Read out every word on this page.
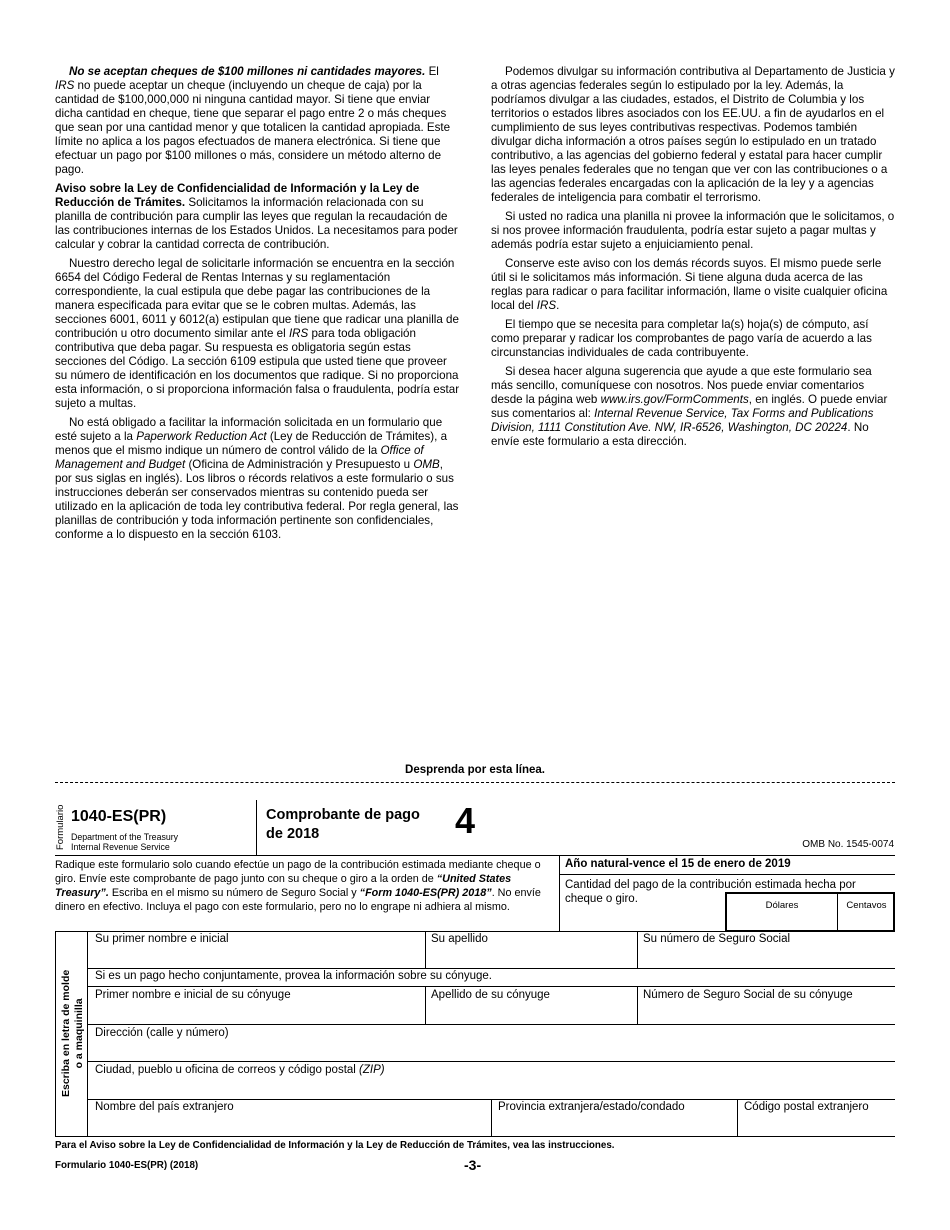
No se aceptan cheques de $100 millones ni cantidades mayores. El IRS no puede aceptar un cheque (incluyendo un cheque de caja) por la cantidad de $100,000,000 ni ninguna cantidad mayor. Si tiene que enviar dicha cantidad en cheque, tiene que separar el pago entre 2 o más cheques que sean por una cantidad menor y que totalicen la cantidad apropiada. Este límite no aplica a los pagos efectuados de manera electrónica. Si tiene que efectuar un pago por $100 millones o más, considere un método alterno de pago.

Aviso sobre la Ley de Confidencialidad de Información y la Ley de Reducción de Trámites. Solicitamos la información relacionada con su planilla de contribución para cumplir las leyes que regulan la recaudación de las contribuciones internas de los Estados Unidos. La necesitamos para poder calcular y cobrar la cantidad correcta de contribución.

Nuestro derecho legal de solicitarle información se encuentra en la sección 6654 del Código Federal de Rentas Internas y su reglamentación correspondiente, la cual estipula que debe pagar las contribuciones de la manera especificada para evitar que se le cobren multas. Además, las secciones 6001, 6011 y 6012(a) estipulan que tiene que radicar una planilla de contribución u otro documento similar ante el IRS para toda obligación contributiva que deba pagar. Su respuesta es obligatoria según estas secciones del Código. La sección 6109 estipula que usted tiene que proveer su número de identificación en los documentos que radique. Si no proporciona esta información, o si proporciona información falsa o fraudulenta, podría estar sujeto a multas.

No está obligado a facilitar la información solicitada en un formulario que esté sujeto a la Paperwork Reduction Act (Ley de Reducción de Trámites), a menos que el mismo indique un número de control válido de la Office of Management and Budget (Oficina de Administración y Presupuesto u OMB, por sus siglas en inglés). Los libros o récords relativos a este formulario o sus instrucciones deberán ser conservados mientras su contenido pueda ser utilizado en la aplicación de toda ley contributiva federal. Por regla general, las planillas de contribución y toda información pertinente son confidenciales, conforme a lo dispuesto en la sección 6103.

Podemos divulgar su información contributiva al Departamento de Justicia y a otras agencias federales según lo estipulado por la ley. Además, la podríamos divulgar a las ciudades, estados, el Distrito de Columbia y los territorios o estados libres asociados con los EE.UU. a fin de ayudarlos en el cumplimiento de sus leyes contributivas respectivas. Podemos también divulgar dicha información a otros países según lo estipulado en un tratado contributivo, a las agencias del gobierno federal y estatal para hacer cumplir las leyes penales federales que no tengan que ver con las contribuciones o a las agencias federales encargadas con la aplicación de la ley y a agencias federales de inteligencia para combatir el terrorismo.

Si usted no radica una planilla ni provee la información que le solicitamos, o si nos provee información fraudulenta, podría estar sujeto a pagar multas y además podría estar sujeto a enjuiciamiento penal.

Conserve este aviso con los demás récords suyos. El mismo puede serle útil si le solicitamos más información. Si tiene alguna duda acerca de las reglas para radicar o para facilitar información, llame o visite cualquier oficina local del IRS.

El tiempo que se necesita para completar la(s) hoja(s) de cómputo, así como preparar y radicar los comprobantes de pago varía de acuerdo a las circunstancias individuales de cada contribuyente.

Si desea hacer alguna sugerencia que ayude a que este formulario sea más sencillo, comuníquese con nosotros. Nos puede enviar comentarios desde la página web www.irs.gov/FormComments, en inglés. O puede enviar sus comentarios al: Internal Revenue Service, Tax Forms and Publications Division, 1111 Constitution Ave. NW, IR-6526, Washington, DC 20224. No envíe este formulario a esta dirección.

Desprenda por esta línea.
Formulario 1040-ES(PR)
Department of the Treasury
Internal Revenue Service
Comprobante de pago
de 2018	4
OMB No. 1545-0074
Radique este formulario solo cuando efectúe un pago de la contribución estimada mediante cheque o giro. Envíe este comprobante de pago junto con su cheque o giro a la orden de “United States Treasury”. Escriba en el mismo su número de Seguro Social y “Form 1040-ES(PR) 2018”. No envíe dinero en efectivo. Incluya el pago con este formulario, pero no lo engrape ni adhiera al mismo.
Año natural-vence el 15 de enero de 2019
Cantidad del pago de la contribución estimada hecha por cheque o giro.
Dólares	Centavos
Escriba en letra de molde o a maquinilla
Su primer nombre e inicial	Su apellido	Su número de Seguro Social
Si es un pago hecho conjuntamente, provea la información sobre su cónyuge.
Primer nombre e inicial de su cónyuge	Apellido de su cónyuge	Número de Seguro Social de su cónyuge
Dirección (calle y número)
Ciudad, pueblo u oficina de correos y código postal (ZIP)
Nombre del país extranjero	Provincia extranjera/estado/condado	Código postal extranjero
Para el Aviso sobre la Ley de Confidencialidad de Información y la Ley de Reducción de Trámites, vea las instrucciones.
Formulario 1040-ES(PR) (2018)	-3-
